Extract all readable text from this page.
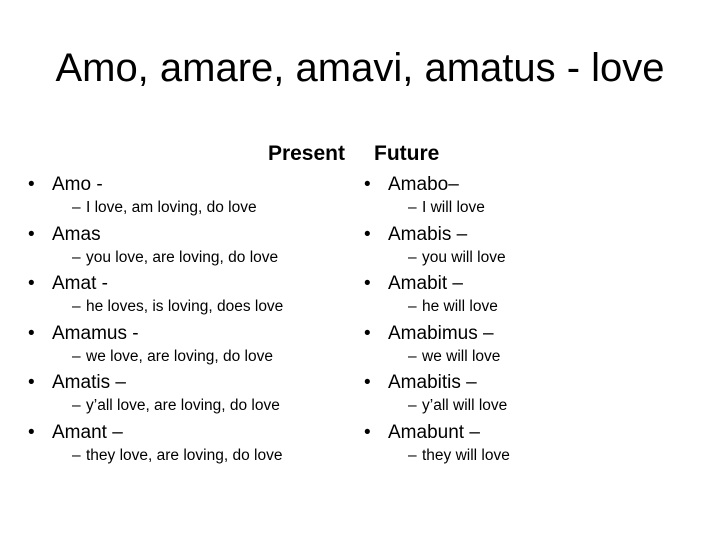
Amo, amare, amavi, amatus - love
Present Future
• Amo -
– I love, am loving, do love
• Amas
– you love, are loving, do love
• Amat -
– he loves, is loving, does love
• Amamus -
– we love, are loving, do love
• Amatis –
– y’all love, are loving, do love
• Amant –
– they love, are loving, do love
• Amabo–
– I will love
• Amabis –
– you will love
• Amabit –
– he will love
• Amabimus –
– we will love
• Amabitis –
– y’all will love
• Amabunt –
– they will love
